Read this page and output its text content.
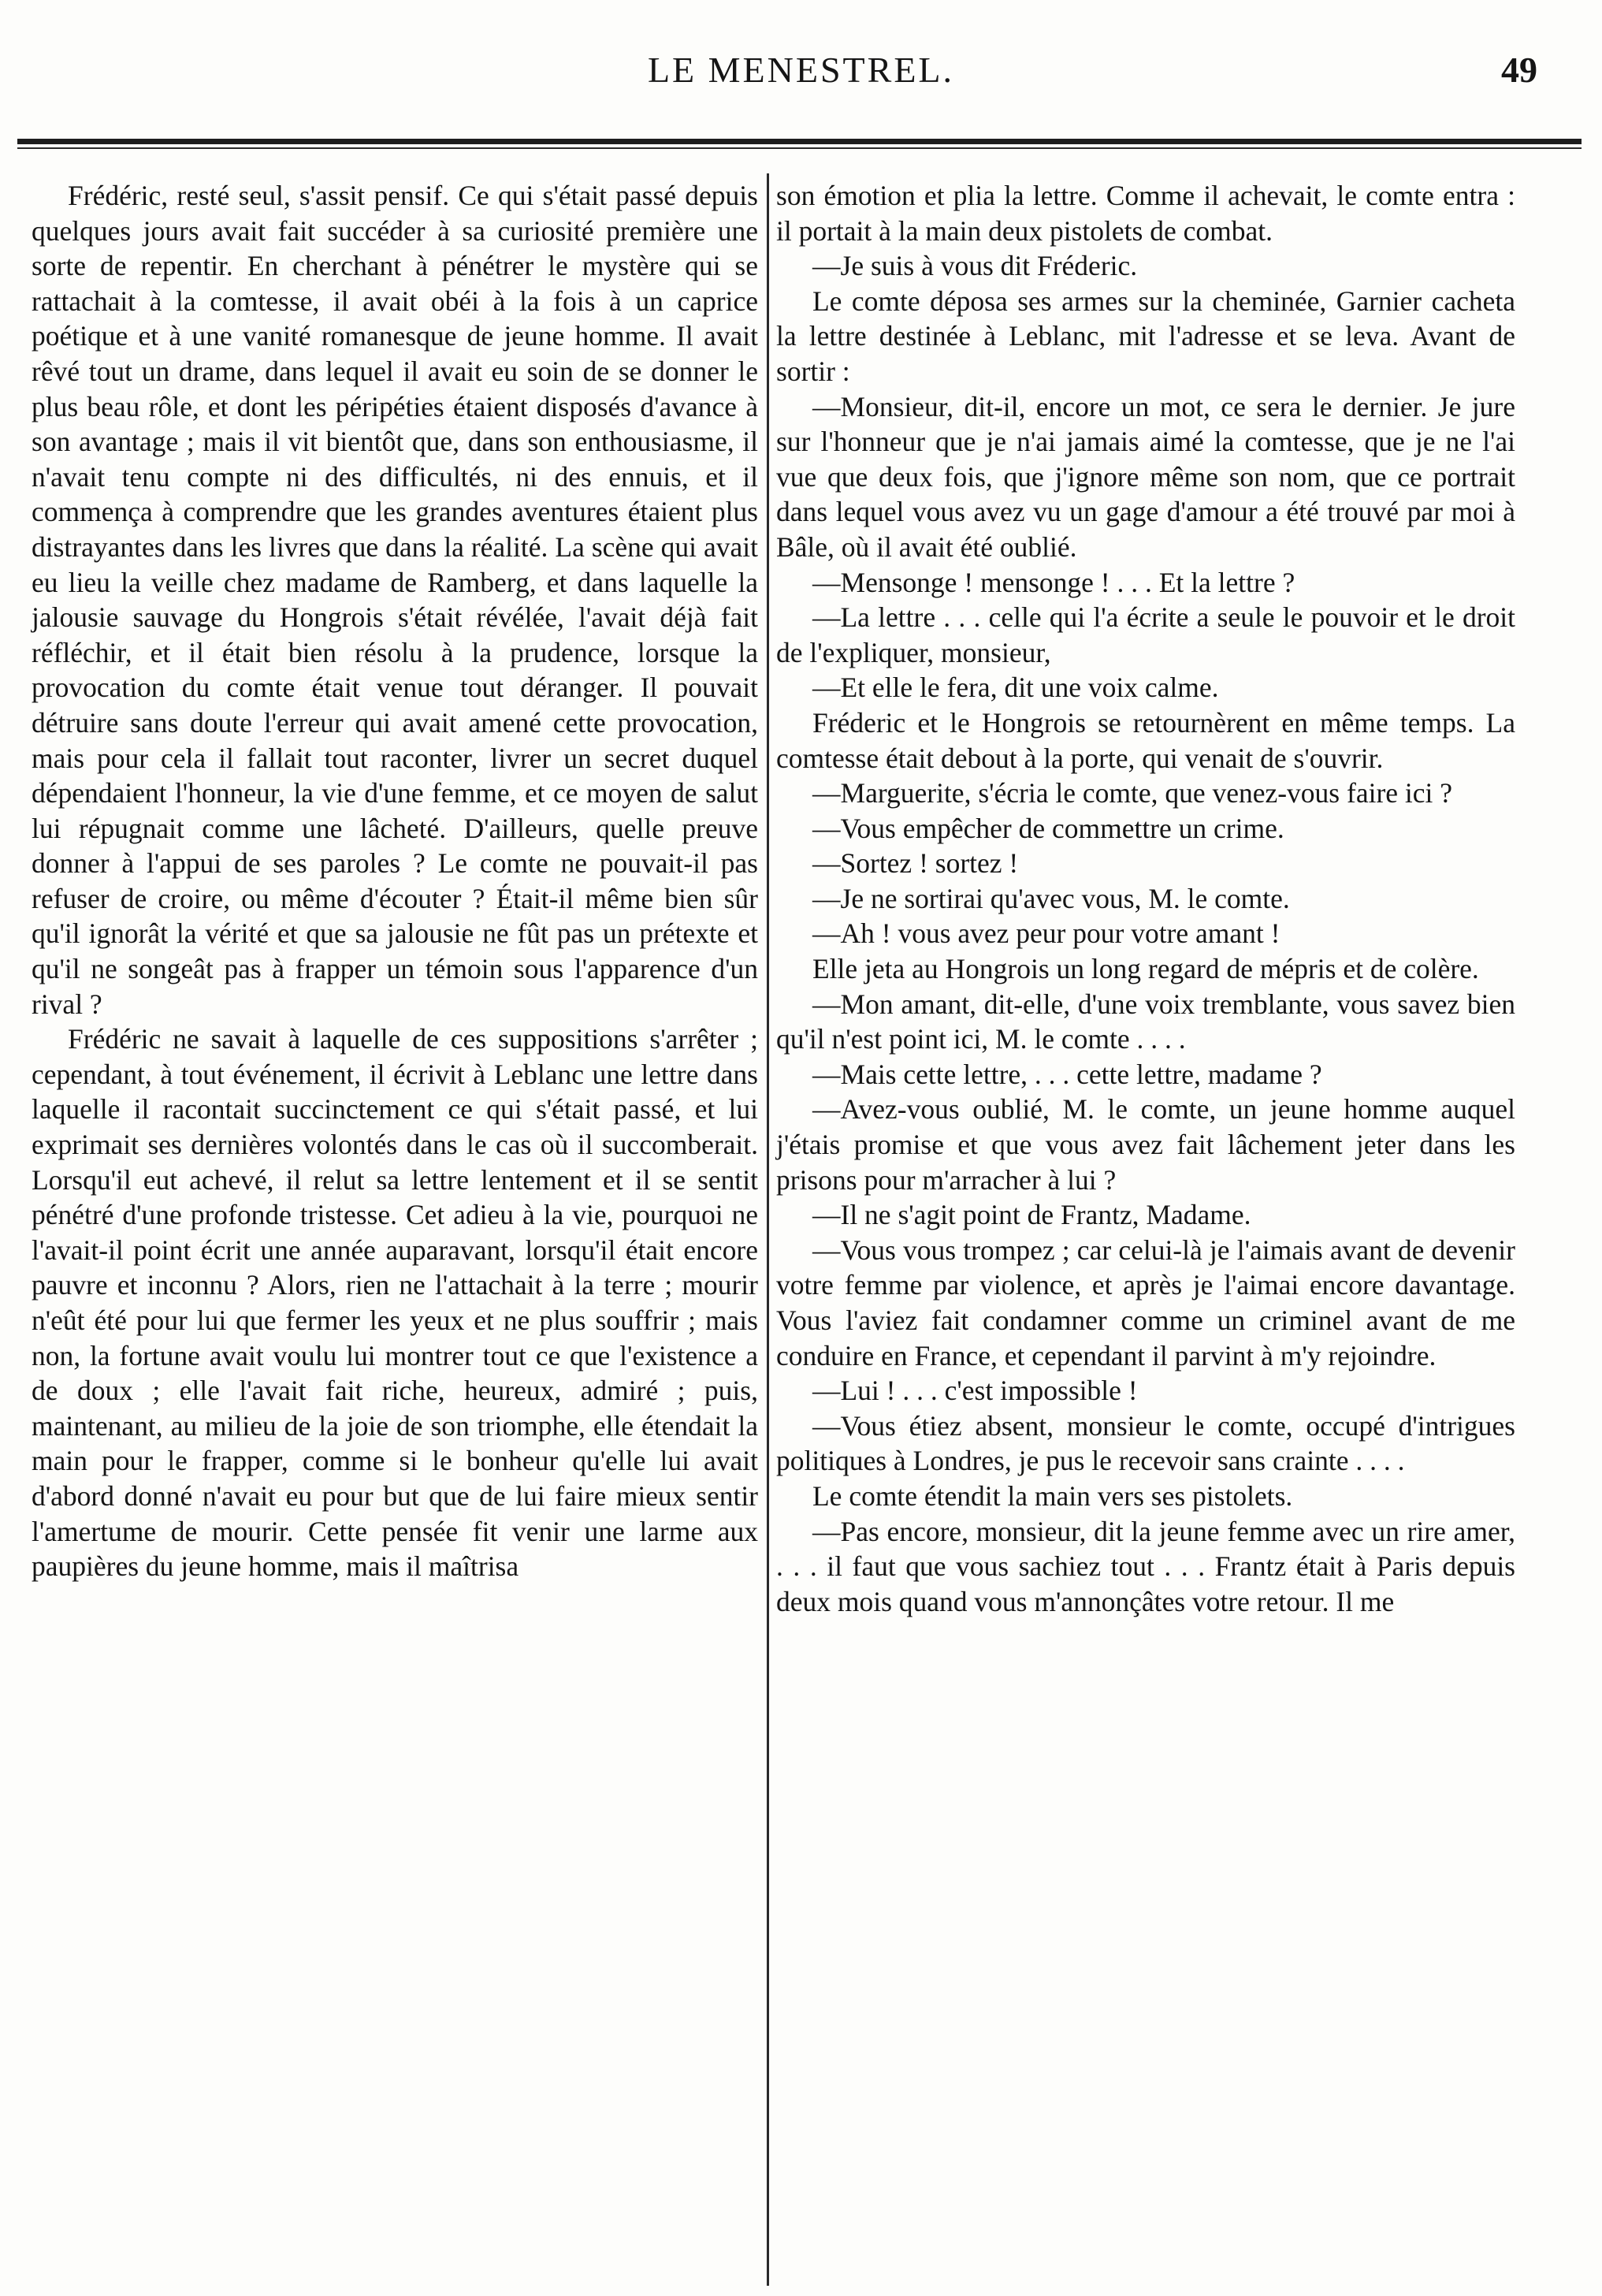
LE MENESTREL.	49

Frédéric, resté seul, s'assit pensif. Ce qui s'était passé depuis quelques jours avait fait succéder à sa curiosité première une sorte de repentir. En cherchant à pénétrer le mystère qui se rattachait à la comtesse, il avait obéi à la fois à un caprice poétique et à une vanité romanesque de jeune homme. Il avait rêvé tout un drame, dans lequel il avait eu soin de se donner le plus beau rôle, et dont les péripéties étaient disposés d'avance à son avantage ; mais il vit bientôt que, dans son enthousiasme, il n'avait tenu compte ni des difficultés, ni des ennuis, et il commença à comprendre que les grandes aventures étaient plus distrayantes dans les livres que dans la réalité. La scène qui avait eu lieu la veille chez madame de Ramberg, et dans laquelle la jalousie sauvage du Hongrois s'était révélée, l'avait déjà fait réfléchir, et il était bien résolu à la prudence, lorsque la provocation du comte était venue tout déranger. Il pouvait détruire sans doute l'erreur qui avait amené cette provocation, mais pour cela il fallait tout raconter, livrer un secret duquel dépendaient l'honneur, la vie d'une femme, et ce moyen de salut lui répugnait comme une lâcheté. D'ailleurs, quelle preuve donner à l'appui de ses paroles ? Le comte ne pouvait-il pas refuser de croire, ou même d'écouter ? Était-il même bien sûr qu'il ignorât la vérité et que sa jalousie ne fût pas un prétexte et qu'il ne songeât pas à frapper un témoin sous l'apparence d'un rival ?

Frédéric ne savait à laquelle de ces suppositions s'arrêter ; cependant, à tout événement, il écrivit à Leblanc une lettre dans laquelle il racontait succinctement ce qui s'était passé, et lui exprimait ses dernières volontés dans le cas où il succomberait. Lorsqu'il eut achevé, il relut sa lettre lentement et il se sentit pénétré d'une profonde tristesse. Cet adieu à la vie, pourquoi ne l'avait-il point écrit une année auparavant, lorsqu'il était encore pauvre et inconnu ? Alors, rien ne l'attachait à la terre ; mourir n'eût été pour lui que fermer les yeux et ne plus souffrir ; mais non, la fortune avait voulu lui montrer tout ce que l'existence a de doux ; elle l'avait fait riche, heureux, admiré ; puis, maintenant, au milieu de la joie de son triomphe, elle étendait la main pour le frapper, comme si le bonheur qu'elle lui avait d'abord donné n'avait eu pour but que de lui faire mieux sentir l'amertume de mourir. Cette pensée fit venir une larme aux paupières du jeune homme, mais il maîtrisa

son émotion et plia la lettre. Comme il achevait, le comte entra : il portait à la main deux pistolets de combat.

—Je suis à vous dit Fréderic.

Le comte déposa ses armes sur la cheminée, Garnier cacheta la lettre destinée à Leblanc, mit l'adresse et se leva. Avant de sortir :

—Monsieur, dit-il, encore un mot, ce sera le dernier. Je jure sur l'honneur que je n'ai jamais aimé la comtesse, que je ne l'ai vue que deux fois, que j'ignore même son nom, que ce portrait dans lequel vous avez vu un gage d'amour a été trouvé par moi à Bâle, où il avait été oublié.

—Mensonge ! mensonge ! . . . Et la lettre ?

—La lettre . . . celle qui l'a écrite a seule le pouvoir et le droit de l'expliquer, monsieur,

—Et elle le fera, dit une voix calme.

Fréderic et le Hongrois se retournèrent en même temps. La comtesse était debout à la porte, qui venait de s'ouvrir.

—Marguerite, s'écria le comte, que venez-vous faire ici ?

—Vous empêcher de commettre un crime.

—Sortez ! sortez !

—Je ne sortirai qu'avec vous, M. le comte.

—Ah ! vous avez peur pour votre amant !

Elle jeta au Hongrois un long regard de mépris et de colère.

—Mon amant, dit-elle, d'une voix tremblante, vous savez bien qu'il n'est point ici, M. le comte . . . .

—Mais cette lettre, . . . cette lettre, madame ?

—Avez-vous oublié, M. le comte, un jeune homme auquel j'étais promise et que vous avez fait lâchement jeter dans les prisons pour m'arracher à lui ?

—Il ne s'agit point de Frantz, Madame.

—Vous vous trompez ; car celui-là je l'aimais avant de devenir votre femme par violence, et après je l'aimai encore davantage. Vous l'aviez fait condamner comme un criminel avant de me conduire en France, et cependant il parvint à m'y rejoindre.

—Lui ! . . . c'est impossible !

—Vous étiez absent, monsieur le comte, occupé d'intrigues politiques à Londres, je pus le recevoir sans crainte . . . .

Le comte étendit la main vers ses pistolets.

—Pas encore, monsieur, dit la jeune femme avec un rire amer, . . . il faut que vous sachiez tout . . . Frantz était à Paris depuis deux mois quand vous m'annonçâtes votre retour. Il me
